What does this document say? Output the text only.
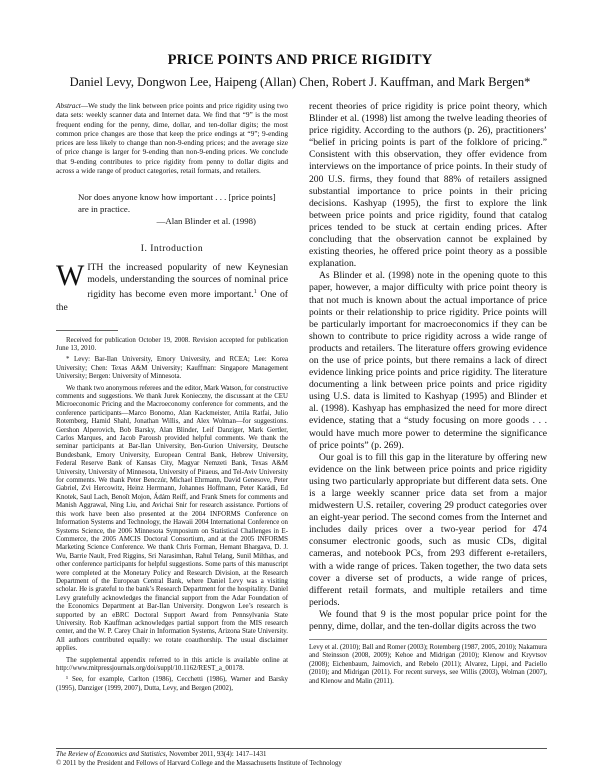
PRICE POINTS AND PRICE RIGIDITY
Daniel Levy, Dongwon Lee, Haipeng (Allan) Chen, Robert J. Kauffman, and Mark Bergen*

Abstract—We study the link between price points and price rigidity using two data sets: weekly scanner data and Internet data. We find that “9” is the most frequent ending for the penny, dime, dollar, and ten-dollar digits; the most common price changes are those that keep the price endings at “9”; 9-ending prices are less likely to change than non-9-ending prices; and the average size of price change is larger for 9-ending than non-9-ending prices. We conclude that 9-ending contributes to price rigidity from penny to dollar digits and across a wide range of product categories, retail formats, and retailers.

Nor does anyone know how important . . . [price points] are in practice.
—Alan Blinder et al. (1998)
I. Introduction

WITH the increased popularity of new Keynesian models, understanding the sources of nominal price rigidity has become even more important.$^1$ One of the

Received for publication October 19, 2008. Revision accepted for publication June 13, 2010.

* Levy: Bar-Ilan University, Emory University, and RCEA; Lee: Korea University; Chen: Texas A&M University; Kauffman: Singapore Management University; Bergen: University of Minnesota.

We thank two anonymous referees and the editor, Mark Watson, for constructive comments and suggestions. We thank Jurek Konieczny, the discussant at the CEU Microeconomic Pricing and the Macroeconomy conference for comments, and the conference participants—Marco Bonomo, Alan Kackmeister, Attila Ratfai, Julio Rotemberg, Hamid Shahl, Jonathan Willis, and Alex Wolman—for suggestions. Gershon Alperovich, Bob Barsky, Alan Blinder, Leif Danziger, Mark Gertler, Carlos Marques, and Jacob Paroush provided helpful comments. We thank the seminar participants at Bar-Ilan University, Ben-Gurion University, Deutsche Bundesbank, Emory University, European Central Bank, Hebrew University, Federal Reserve Bank of Kansas City, Magyar Nemzeti Bank, Texas A&M University, University of Minnesota, University of Piraeus, and Tel-Aviv University for comments. We thank Peter Benczúr, Michael Ehrmann, David Genesove, Peter Gabriel, Zvi Hercowitz, Heinz Herrmann, Johannes Hoffmann, Peter Karádi, Ed Knotek, Saul Lach, Benoît Mojon, Ádám Reiff, and Frank Smets for comments and Manish Aggrawal, Ning Liu, and Avichai Snir for research assistance. Portions of this work have been also presented at the 2004 INFORMS Conference on Information Systems and Technology, the Hawaii 2004 International Conference on Systems Science, the 2006 Minnesota Symposium on Statistical Challenges in E-Commerce, the 2005 AMCIS Doctoral Consortium, and at the 2005 INFORMS Marketing Science Conference. We thank Chris Forman, Hemant Bhargava, D. J. Wu, Barrie Nault, Fred Riggins, Sri Narasimhan, Rahul Telang, Sunil Milthas, and other conference participants for helpful suggestions. Some parts of this manuscript were completed at the Monetary Policy and Research Division, at the Research Department of the European Central Bank, where Daniel Levy was a visiting scholar. He is grateful to the bank’s Research Department for the hospitality. Daniel Levy gratefully acknowledges the financial support from the Adar Foundation of the Economics Department at Bar-Ilan University. Dongwon Lee’s research is supported by an eBRC Doctoral Support Award from Pennsylvania State University. Rob Kauffman acknowledges partial support from the MIS research center, and the W. P. Carey Chair in Information Systems, Arizona State University. All authors contributed equally: we rotate coauthorship. The usual disclaimer applies.

The supplemental appendix referred to in this article is available online at http://www.mitpressjournals.org/doi/suppl/10.1162/REST_a_00178.

¹ See, for example, Carlton (1986), Cecchetti (1986), Warner and Barsky (1995), Danziger (1999, 2007), Dutta, Levy, and Bergen (2002),

recent theories of price rigidity is price point theory, which Blinder et al. (1998) list among the twelve leading theories of price rigidity. According to the authors (p. 26), practitioners’ “belief in pricing points is part of the folklore of pricing.” Consistent with this observation, they offer evidence from interviews on the importance of price points. In their study of 200 U.S. firms, they found that 88% of retailers assigned substantial importance to price points in their pricing decisions. Kashyap (1995), the first to explore the link between price points and price rigidity, found that catalog prices tended to be stuck at certain ending prices. After concluding that the observation cannot be explained by existing theories, he offered price point theory as a possible explanation.

As Blinder et al. (1998) note in the opening quote to this paper, however, a major difficulty with price point theory is that not much is known about the actual importance of price points or their relationship to price rigidity. Price points will be particularly important for macroeconomics if they can be shown to contribute to price rigidity across a wide range of products and retailers. The literature offers growing evidence on the use of price points, but there remains a lack of direct evidence linking price points and price rigidity. The literature documenting a link between price points and price rigidity using U.S. data is limited to Kashyap (1995) and Blinder et al. (1998). Kashyap has emphasized the need for more direct evidence, stating that a “study focusing on more goods . . . would have much more power to determine the significance of price points” (p. 269).

Our goal is to fill this gap in the literature by offering new evidence on the link between price points and price rigidity using two particularly appropriate but different data sets. One is a large weekly scanner price data set from a major midwestern U.S. retailer, covering 29 product categories over an eight-year period. The second comes from the Internet and includes daily prices over a two-year period for 474 consumer electronic goods, such as music CDs, digital cameras, and notebook PCs, from 293 different e-retailers, with a wide range of prices. Taken together, the two data sets cover a diverse set of products, a wide range of prices, different retail formats, and multiple retailers and time periods.

We found that 9 is the most popular price point for the penny, dime, dollar, and the ten-dollar digits across the two

Levy et al. (2010); Ball and Romer (2003); Rotemberg (1987, 2005, 2010); Nakamura and Steinsson (2008, 2009); Kehoe and Midrigan (2010); Klenow and Kryvtsov (2008); Eichenbaum, Jaimovich, and Rebelo (2011); Alvarez, Lippi, and Paciello (2010); and Midrigan (2011). For recent surveys, see Willis (2003), Wolman (2007), and Klenow and Malin (2011).
The Review of Economics and Statistics, November 2011, 93(4): 1417–1431
© 2011 by the President and Fellows of Harvard College and the Massachusetts Institute of Technology
